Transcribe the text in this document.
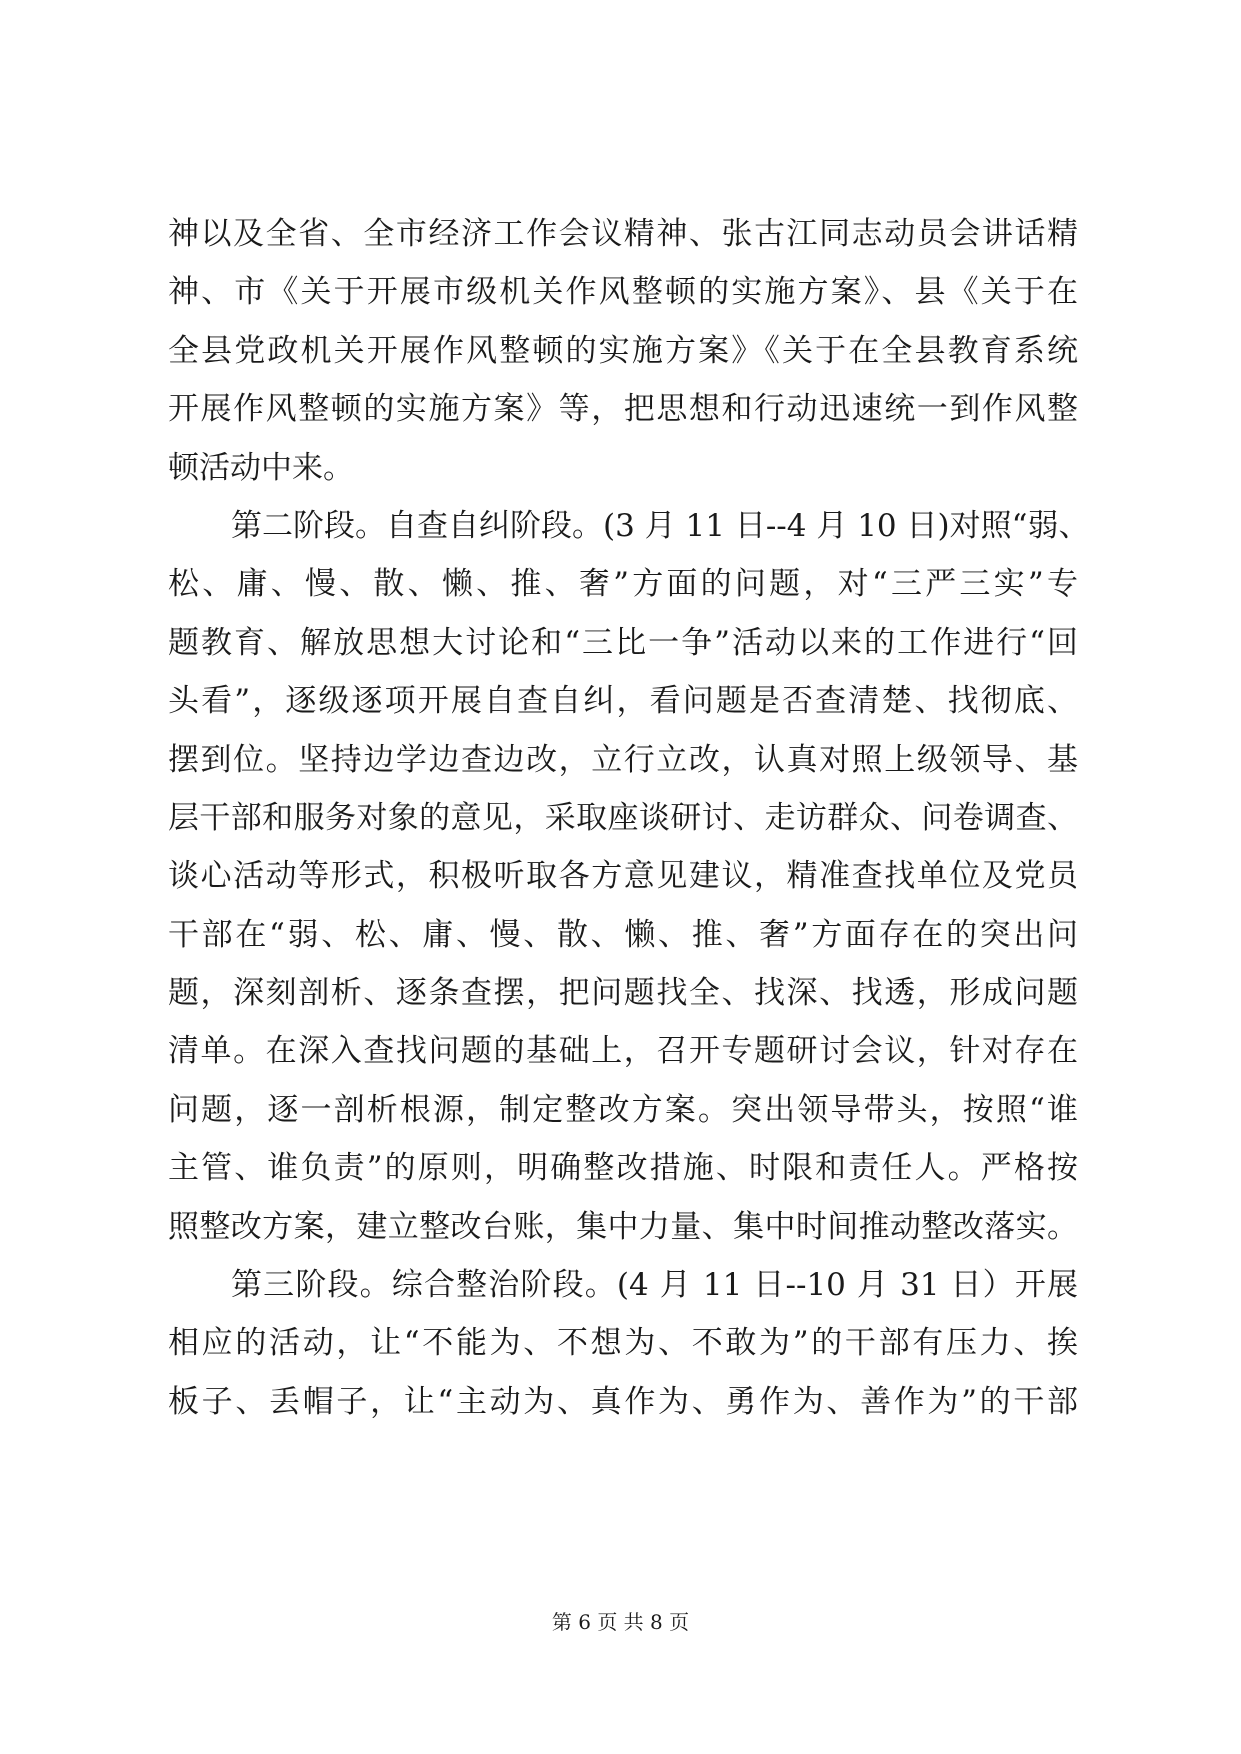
神以及全省、全市经济工作会议精神、张古江同志动员会讲话精
神、市《关于开展市级机关作风整顿的实施方案》、县《关于在
全县党政机关开展作风整顿的实施方案》《关于在全县教育系统
开展作风整顿的实施方案》等，把思想和行动迅速统一到作风整
顿活动中来。
第二阶段。自查自纠阶段。(3 月 11 日--4 月 10 日)对照“弱、
松、庸、慢、散、懒、推、奢”方面的问题，对“三严三实”专
题教育、解放思想大讨论和“三比一争”活动以来的工作进行“回
头看”，逐级逐项开展自查自纠，看问题是否查清楚、找彻底、
摆到位。坚持边学边查边改，立行立改，认真对照上级领导、基
层干部和服务对象的意见，采取座谈研讨、走访群众、问卷调查、
谈心活动等形式，积极听取各方意见建议，精准查找单位及党员
干部在“弱、松、庸、慢、散、懒、推、奢”方面存在的突出问
题，深刻剖析、逐条查摆，把问题找全、找深、找透，形成问题
清单。在深入查找问题的基础上，召开专题研讨会议，针对存在
问题，逐一剖析根源，制定整改方案。突出领导带头，按照“谁
主管、谁负责”的原则，明确整改措施、时限和责任人。严格按
照整改方案，建立整改台账，集中力量、集中时间推动整改落实。
第三阶段。综合整治阶段。(4 月 11 日--10 月 31 日）开展
相应的活动，让“不能为、不想为、不敢为”的干部有压力、挨
板子、丢帽子，让“主动为、真作为、勇作为、善作为”的干部
第 6 页 共 8 页
